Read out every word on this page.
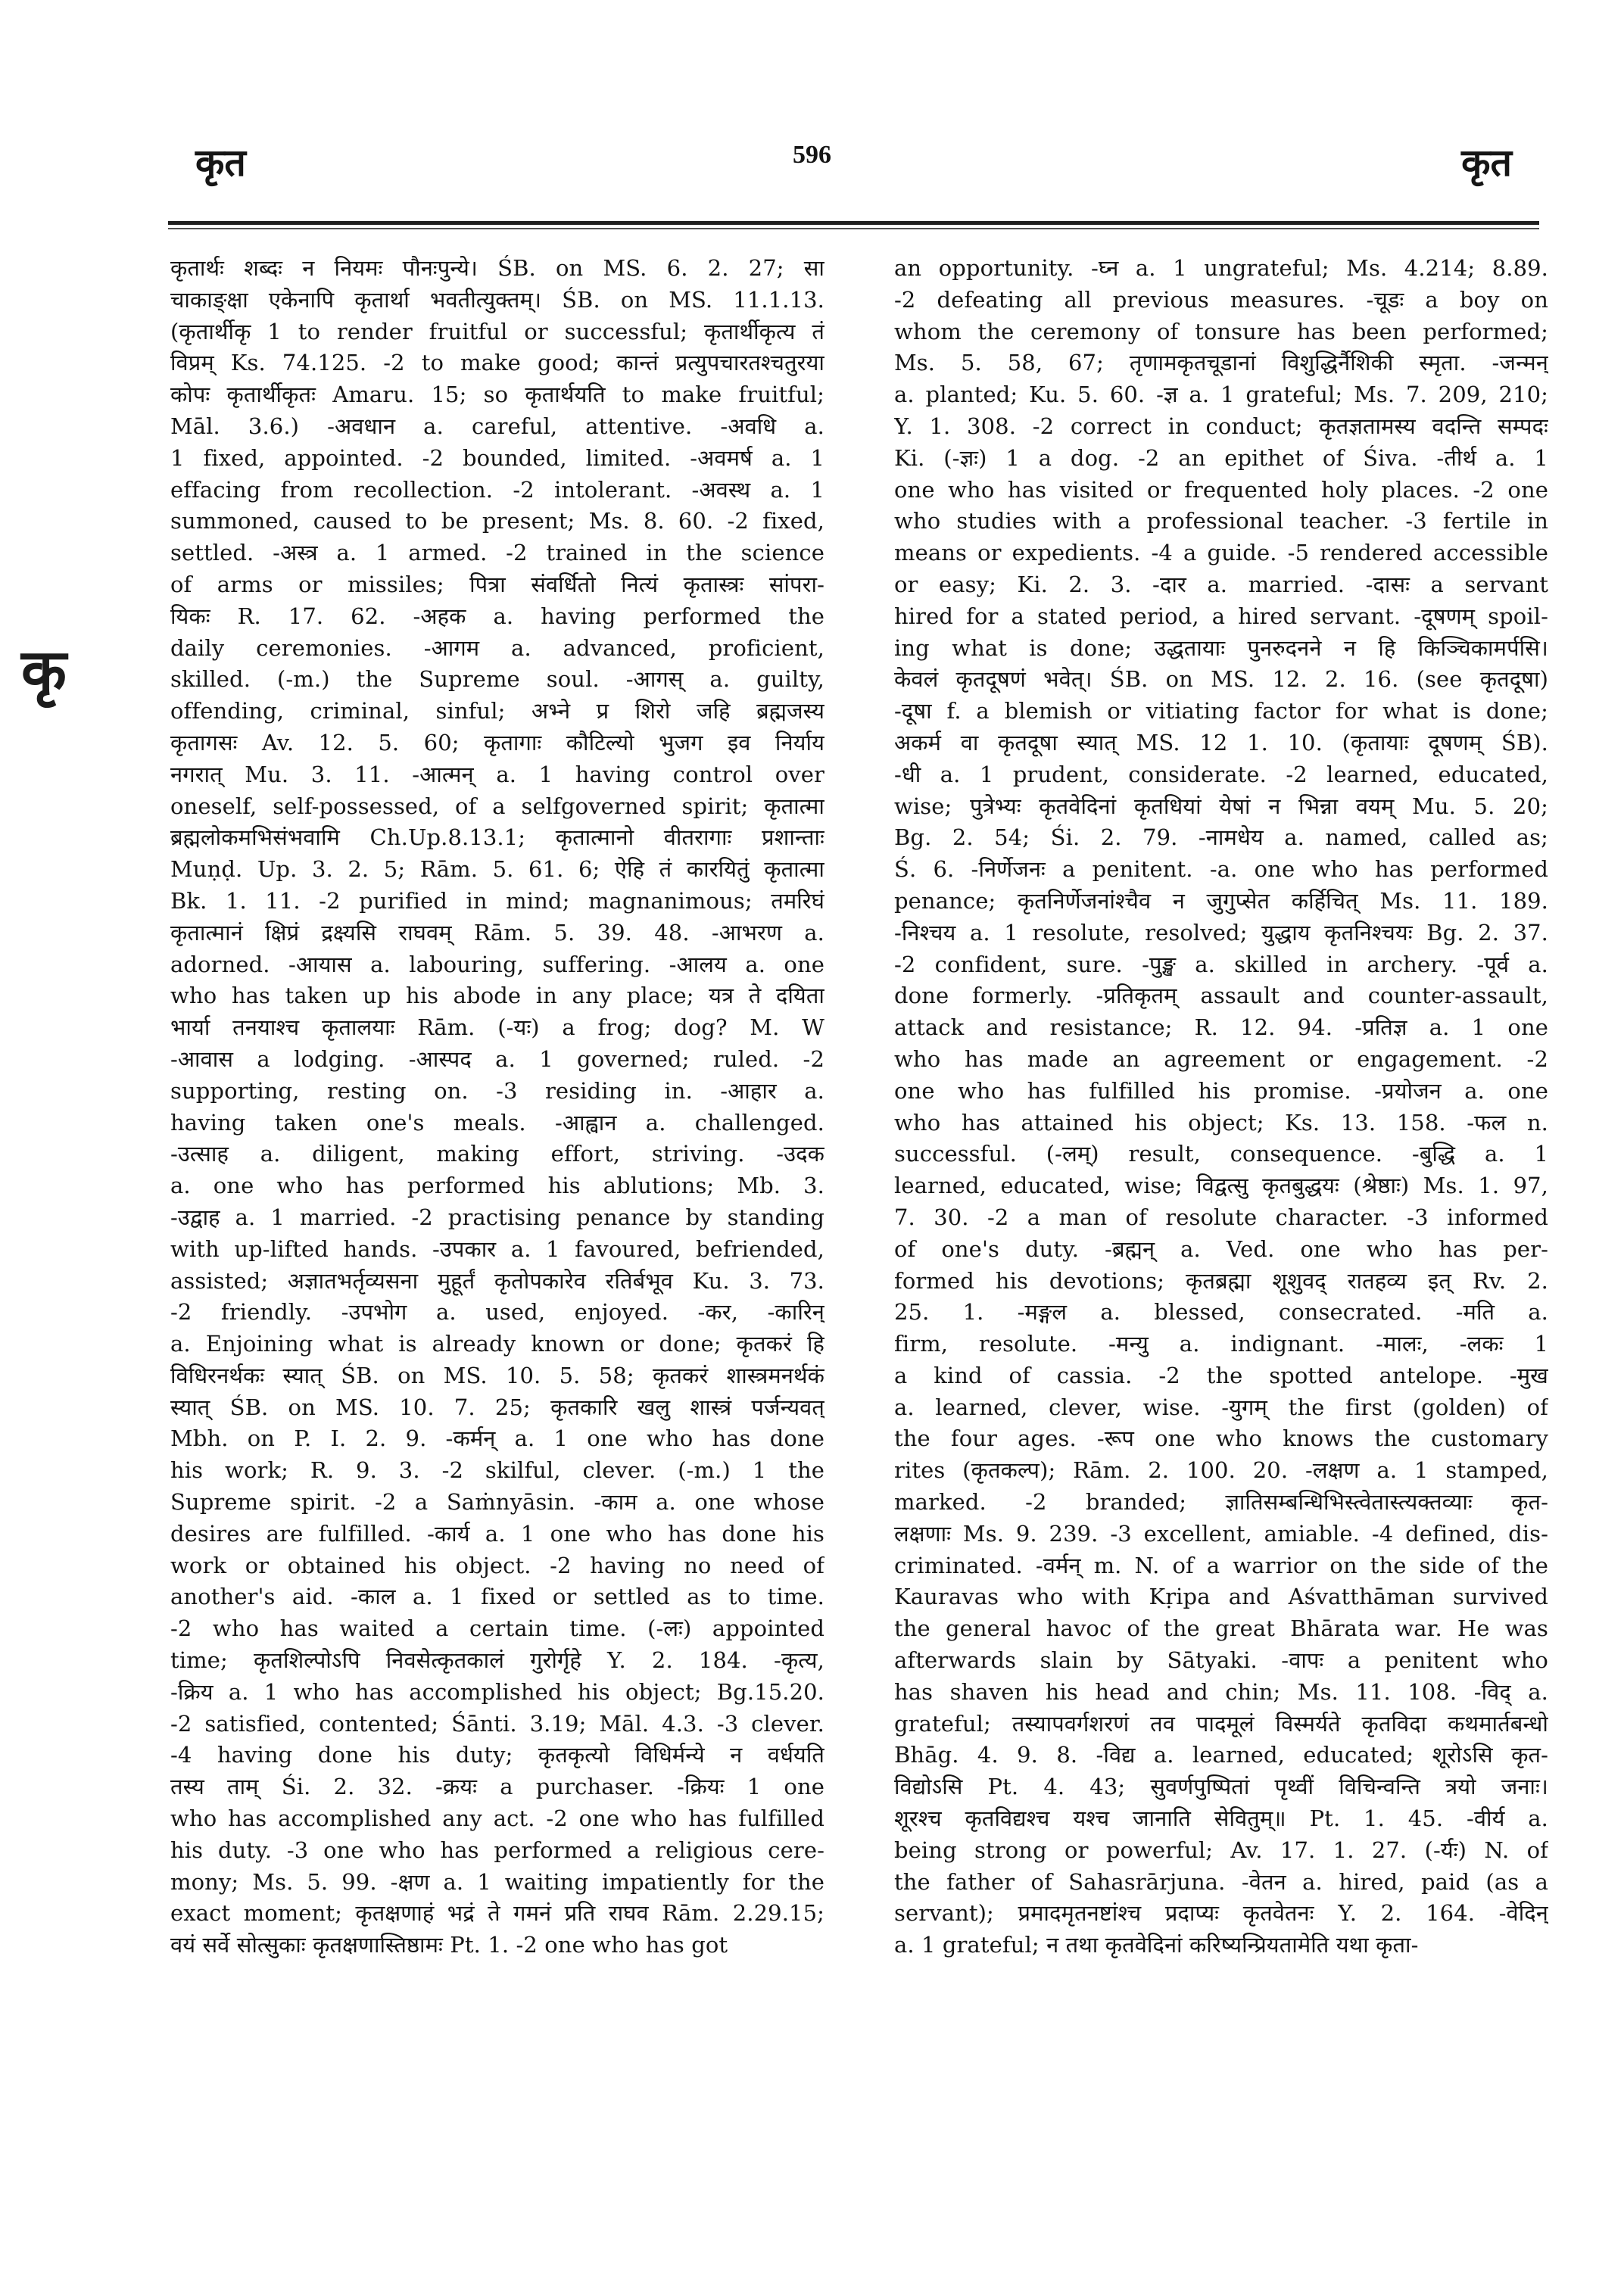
कृत	596	कृत
कृ
कृतार्थः शब्दः न नियमः पौनःपुन्ये। ŚB. on MS. 6. 2. 27; सा
चाकाङ्क्षा एकेनापि कृतार्था भवतीत्युक्तम्। ŚB. on MS. 11.1.13.
(कृतार्थीकृ 1 to render fruitful or successful; कृतार्थीकृत्य तं
विप्रम् Ks. 74.125. -2 to make good; कान्तं प्रत्युपचारतश्चतुरया
कोपः कृतार्थीकृतः Amaru. 15; so कृतार्थयति to make fruitful;
Māl. 3.6.) -अवधान a. careful, attentive. -अवधि a.
1 fixed, appointed. -2 bounded, limited. -अवमर्ष a. 1
effacing from recollection. -2 intolerant. -अवस्थ a. 1
summoned, caused to be present; Ms. 8. 60. -2 fixed,
settled. -अस्त्र a. 1 armed. -2 trained in the science
of arms or missiles; पित्रा संवर्धितो नित्यं कृतास्त्रः सांपरा-
यिकः R. 17. 62. -अहक a. having performed the
daily ceremonies. -आगम a. advanced, proficient,
skilled. (-m.) the Supreme soul. -आगस् a. guilty,
offending, criminal, sinful; अभ्ने प्र शिरो जहि ब्रह्मजस्य
कृतागसः Av. 12. 5. 60; कृतागाः कौटिल्यो भुजग इव निर्याय
नगरात् Mu. 3. 11. -आत्मन् a. 1 having control over
oneself, self-possessed, of a selfgoverned spirit; कृतात्मा
ब्रह्मलोकमभिसंभवामि Ch.Up.8.13.1; कृतात्मानो वीतरागाः प्रशान्ताः
Muṇḍ. Up. 3. 2. 5; Rām. 5. 61. 6; ऐहि तं कारयितुं कृतात्मा
Bk. 1. 11. -2 purified in mind; magnanimous; तमरिघं
कृतात्मानं क्षिप्रं द्रक्ष्यसि राघवम् Rām. 5. 39. 48. -आभरण a.
adorned. -आयास a. labouring, suffering. -आलय a. one
who has taken up his abode in any place; यत्र ते दयिता
भार्या तनयाश्च कृतालयाः Rām. (-यः) a frog; dog? M. W
-आवास a lodging. -आस्पद a. 1 governed; ruled. -2
supporting, resting on. -3 residing in. -आहार a.
having taken one's meals. -आह्वान a. challenged.
-उत्साह a. diligent, making effort, striving. -उदक
a. one who has performed his ablutions; Mb. 3.
-उद्वाह a. 1 married. -2 practising penance by standing
with up-lifted hands. -उपकार a. 1 favoured, befriended,
assisted; अज्ञातभर्तृव्यसना मुहूर्तं कृतोपकारेव रतिर्बभूव Ku. 3. 73.
-2 friendly. -उपभोग a. used, enjoyed. -कर, -कारिन्
a. Enjoining what is already known or done; कृतकरं हि
विधिरनर्थकः स्यात् ŚB. on MS. 10. 5. 58; कृतकरं शास्त्रमनर्थकं
स्यात् ŚB. on MS. 10. 7. 25; कृतकारि खलु शास्त्रं पर्जन्यवत्
Mbh. on P. I. 2. 9. -कर्मन् a. 1 one who has done
his work; R. 9. 3. -2 skilful, clever. (-m.) 1 the
Supreme spirit. -2 a Saṁnyāsin. -काम a. one whose
desires are fulfilled. -कार्य a. 1 one who has done his
work or obtained his object. -2 having no need of
another's aid. -काल a. 1 fixed or settled as to time.
-2 who has waited a certain time. (-लः) appointed
time; कृतशिल्पोऽपि निवसेत्कृतकालं गुरोर्गृहे Y. 2. 184. -कृत्य,
-क्रिय a. 1 who has accomplished his object; Bg.15.20.
-2 satisfied, contented; Śānti. 3.19; Māl. 4.3. -3 clever.
-4 having done his duty; कृतकृत्यो विधिर्मन्ये न वर्धयति
तस्य ताम् Śi. 2. 32. -क्रयः a purchaser. -क्रियः 1 one
who has accomplished any act. -2 one who has fulfilled
his duty. -3 one who has performed a religious cere-
mony; Ms. 5. 99. -क्षण a. 1 waiting impatiently for the
exact moment; कृतक्षणाहं भद्रं ते गमनं प्रति राघव Rām. 2.29.15;
वयं सर्वे सोत्सुकाः कृतक्षणास्तिष्ठामः Pt. 1. -2 one who has got
an opportunity. -घ्न a. 1 ungrateful; Ms. 4.214; 8.89.
-2 defeating all previous measures. -चूडः a boy on
whom the ceremony of tonsure has been performed;
Ms. 5. 58, 67; तृणामकृतचूडानां विशुद्धिर्नैशिकी स्मृता. -जन्मन्
a. planted; Ku. 5. 60. -ज्ञ a. 1 grateful; Ms. 7. 209, 210;
Y. 1. 308. -2 correct in conduct; कृतज्ञतामस्य वदन्ति सम्पदः
Ki. (-ज्ञः) 1 a dog. -2 an epithet of Śiva. -तीर्थ a. 1
one who has visited or frequented holy places. -2 one
who studies with a professional teacher. -3 fertile in
means or expedients. -4 a guide. -5 rendered accessible
or easy; Ki. 2. 3. -दार a. married. -दासः a servant
hired for a stated period, a hired servant. -दूषणम् spoil-
ing what is done; उद्धतायाः पुनरुदनने न हि किञ्चिकामर्पसि।
केवलं कृतदूषणं भवेत्। ŚB. on MS. 12. 2. 16. (see कृतदूषा)
-दूषा f. a blemish or vitiating factor for what is done;
अकर्म वा कृतदूषा स्यात् MS. 12 1. 10. (कृतायाः दूषणम् ŚB).
-धी a. 1 prudent, considerate. -2 learned, educated,
wise; पुत्रेभ्यः कृतवेदिनां कृतधियां येषां न भिन्ना वयम् Mu. 5. 20;
Bg. 2. 54; Śi. 2. 79. -नामधेय a. named, called as;
Ś. 6. -निर्णेजनः a penitent. -a. one who has performed
penance; कृतनिर्णेजनांश्चैव न जुगुप्सेत कर्हिचित् Ms. 11. 189.
-निश्चय a. 1 resolute, resolved; युद्धाय कृतनिश्चयः Bg. 2. 37.
-2 confident, sure. -पुङ्ख a. skilled in archery. -पूर्व a.
done formerly. -प्रतिकृतम् assault and counter-assault,
attack and resistance; R. 12. 94. -प्रतिज्ञ a. 1 one
who has made an agreement or engagement. -2
one who has fulfilled his promise. -प्रयोजन a. one
who has attained his object; Ks. 13. 158. -फल n.
successful. (-लम्) result, consequence. -बुद्धि a. 1
learned, educated, wise; विद्वत्सु कृतबुद्धयः (श्रेष्ठाः) Ms. 1. 97,
7. 30. -2 a man of resolute character. -3 informed
of one's duty. -ब्रह्मन् a. Ved. one who has per-
formed his devotions; कृतब्रह्मा शूशुवद् रातहव्य इत् Rv. 2.
25. 1. -मङ्गल a. blessed, consecrated. -मति a.
firm, resolute. -मन्यु a. indignant. -मालः, -लकः 1
a kind of cassia. -2 the spotted antelope. -मुख
a. learned, clever, wise. -युगम् the first (golden) of
the four ages. -रूप one who knows the customary
rites (कृतकल्प); Rām. 2. 100. 20. -लक्षण a. 1 stamped,
marked. -2 branded; ज्ञातिसम्बन्धिभिस्त्वेतास्त्यक्तव्याः कृत-
लक्षणाः Ms. 9. 239. -3 excellent, amiable. -4 defined, dis-
criminated. -वर्मन् m. N. of a warrior on the side of the
Kauravas who with Kṛipa and Aśvatthāman survived
the general havoc of the great Bhārata war. He was
afterwards slain by Sātyaki. -वापः a penitent who
has shaven his head and chin; Ms. 11. 108. -विद् a.
grateful; तस्यापवर्गशरणं तव पादमूलं विस्मर्यते कृतविदा कथमार्तबन्धो
Bhāg. 4. 9. 8. -विद्य a. learned, educated; शूरोऽसि कृत-
विद्योऽसि Pt. 4. 43; सुवर्णपुष्पितां पृथ्वीं विचिन्वन्ति त्रयो जनाः।
शूरश्च कृतविद्यश्च यश्च जानाति सेवितुम्॥ Pt. 1. 45. -वीर्य a.
being strong or powerful; Av. 17. 1. 27. (-र्यः) N. of
the father of Sahasrārjuna. -वेतन a. hired, paid (as a
servant); प्रमादमृतनष्टांश्च प्रदाप्यः कृतवेतनः Y. 2. 164. -वेदिन्
a. 1 grateful; न तथा कृतवेदिनां करिष्यन्प्रियतामेति यथा कृता-
